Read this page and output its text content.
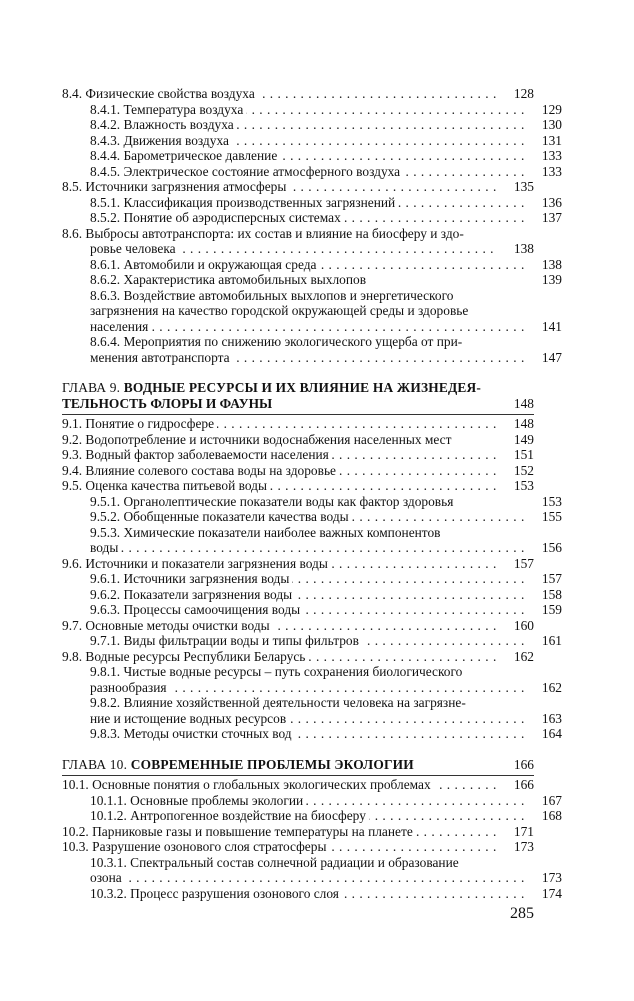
8.4. Физические свойства воздуха . . .	128
8.4.1. Температура воздуха . . .	129
8.4.2. Влажность воздуха . . .	130
8.4.3. Движения воздуха . . .	131
8.4.4. Барометрическое давление . . .	133
8.4.5. Электрическое состояние атмосферного воздуха . . .	133
8.5. Источники загрязнения атмосферы . . .	135
8.5.1. Классификация производственных загрязнений . . .	136
8.5.2. Понятие об аэродисперсных системах . . .	137
8.6. Выбросы автотранспорта: их состав и влияние на биосферу и здо-
ровье человека . . .	138
8.6.1. Автомобили и окружающая среда . . .	138
8.6.2. Характеристика автомобильных выхлопов	139
8.6.3. Воздействие автомобильных выхлопов и энергетического
загрязнения на качество городской окружающей среды и здоровье
населения . . .	141
8.6.4. Мероприятия по снижению экологического ущерба от при-
менения автотранспорта . . .	147
ГЛАВА 9. ВОДНЫЕ РЕСУРСЫ И ИХ ВЛИЯНИЕ НА ЖИЗНЕДЕЯ-
ТЕЛЬНОСТЬ ФЛОРЫ И ФАУНЫ	148
9.1. Понятие о гидросфере . . .	148
9.2. Водопотребление и источники водоснабжения населенных мест	149
9.3. Водный фактор заболеваемости населения . . .	151
9.4. Влияние солевого состава воды на здоровье . . .	152
9.5. Оценка качества питьевой воды . . .	153
9.5.1. Органолептические показатели воды как фактор здоровья	153
9.5.2. Обобщенные показатели качества воды . . .	155
9.5.3. Химические показатели наиболее важных компонентов
воды . . .	156
9.6. Источники и показатели загрязнения воды . . .	157
9.6.1. Источники загрязнения воды . . .	157
9.6.2. Показатели загрязнения воды . . .	158
9.6.3. Процессы самоочищения воды . . .	159
9.7. Основные методы очистки воды . . .	160
9.7.1. Виды фильтрации воды и типы фильтров . . .	161
9.8. Водные ресурсы Республики Беларусь . . .	162
9.8.1. Чистые водные ресурсы – путь сохранения биологического
разнообразия . . .	162
9.8.2. Влияние хозяйственной деятельности человека на загрязне-
ние и истощение водных ресурсов . . .	163
9.8.3. Методы очистки сточных вод . . .	164
ГЛАВА 10. СОВРЕМЕННЫЕ ПРОБЛЕМЫ ЭКОЛОГИИ	166
10.1. Основные понятия о глобальных экологических проблемах . . .	166
10.1.1. Основные проблемы экологии . . .	167
10.1.2. Антропогенное воздействие на биосферу . . .	168
10.2. Парниковые газы и повышение температуры на планете . . .	171
10.3. Разрушение озонового слоя стратосферы . . .	173
10.3.1. Спектральный состав солнечной радиации и образование
озона . . .	173
10.3.2. Процесс разрушения озонового слоя . . .	174
285
